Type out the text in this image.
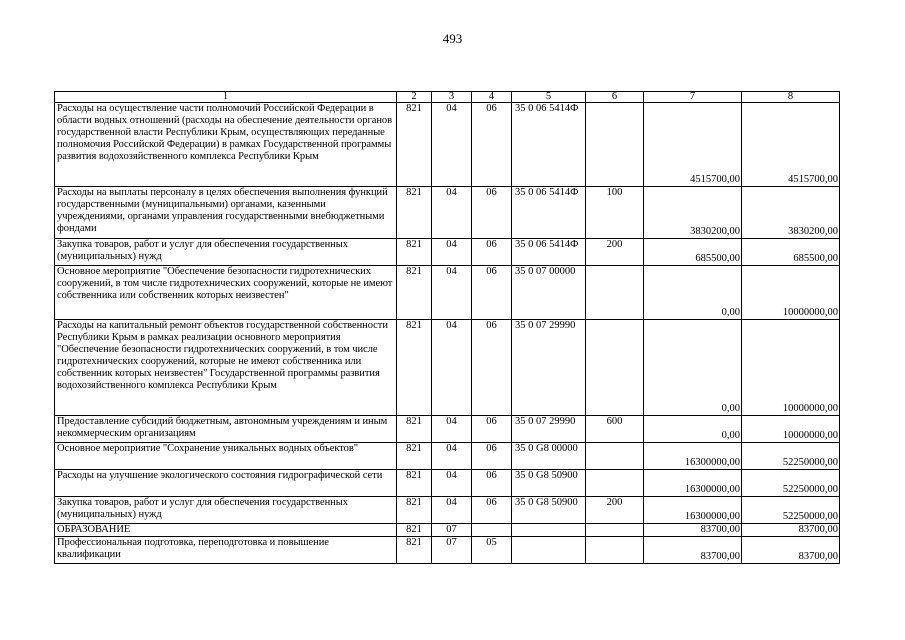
493
1	2	3	4	5	6	7	8
Расходы на осуществление части полномочий Российской Федерации в области водных отношений (расходы на обеспечение деятельности органов государственной власти Республики Крым, осуществляющих переданные полномочия Российской Федерации) в рамках Государственной программы развития водохозяйственного комплекса Республики Крым	821	04	06	35 0 06 5414Ф		4515700,00	4515700,00
Расходы на выплаты персоналу в целях обеспечения выполнения функций государственными (муниципальными) органами, казенными учреждениями, органами управления государственными внебюджетными фондами	821	04	06	35 0 06 5414Ф	100	3830200,00	3830200,00
Закупка товаров, работ и услуг для обеспечения государственных (муниципальных) нужд	821	04	06	35 0 06 5414Ф	200	685500,00	685500,00
Основное мероприятие "Обеспечение безопасности гидротехнических сооружений, в том числе гидротехнических сооружений, которые не имеют собственника или собственник которых неизвестен"	821	04	06	35 0 07 00000		0,00	10000000,00
Расходы на капитальный ремонт объектов государственной собственности Республики Крым в рамках реализации основного мероприятия "Обеспечение безопасности гидротехнических сооружений, в том числе гидротехнических сооружений, которые не имеют собственника или собственник которых неизвестен" Государственной программы развития водохозяйственного комплекса Республики Крым	821	04	06	35 0 07 29990		0,00	10000000,00
Предоставление субсидий бюджетным, автономным учреждениям и иным некоммерческим организациям	821	04	06	35 0 07 29990	600	0,00	10000000,00
Основное мероприятие "Сохранение уникальных водных объектов"	821	04	06	35 0 G8 00000		16300000,00	52250000,00
Расходы на улучшение экологического состояния гидрографической сети	821	04	06	35 0 G8 50900		16300000,00	52250000,00
Закупка товаров, работ и услуг для обеспечения государственных (муниципальных) нужд	821	04	06	35 0 G8 50900	200	16300000,00	52250000,00
ОБРАЗОВАНИЕ	821	07				83700,00	83700,00
Профессиональная подготовка, переподготовка и повышение квалификации	821	07	05			83700,00	83700,00
